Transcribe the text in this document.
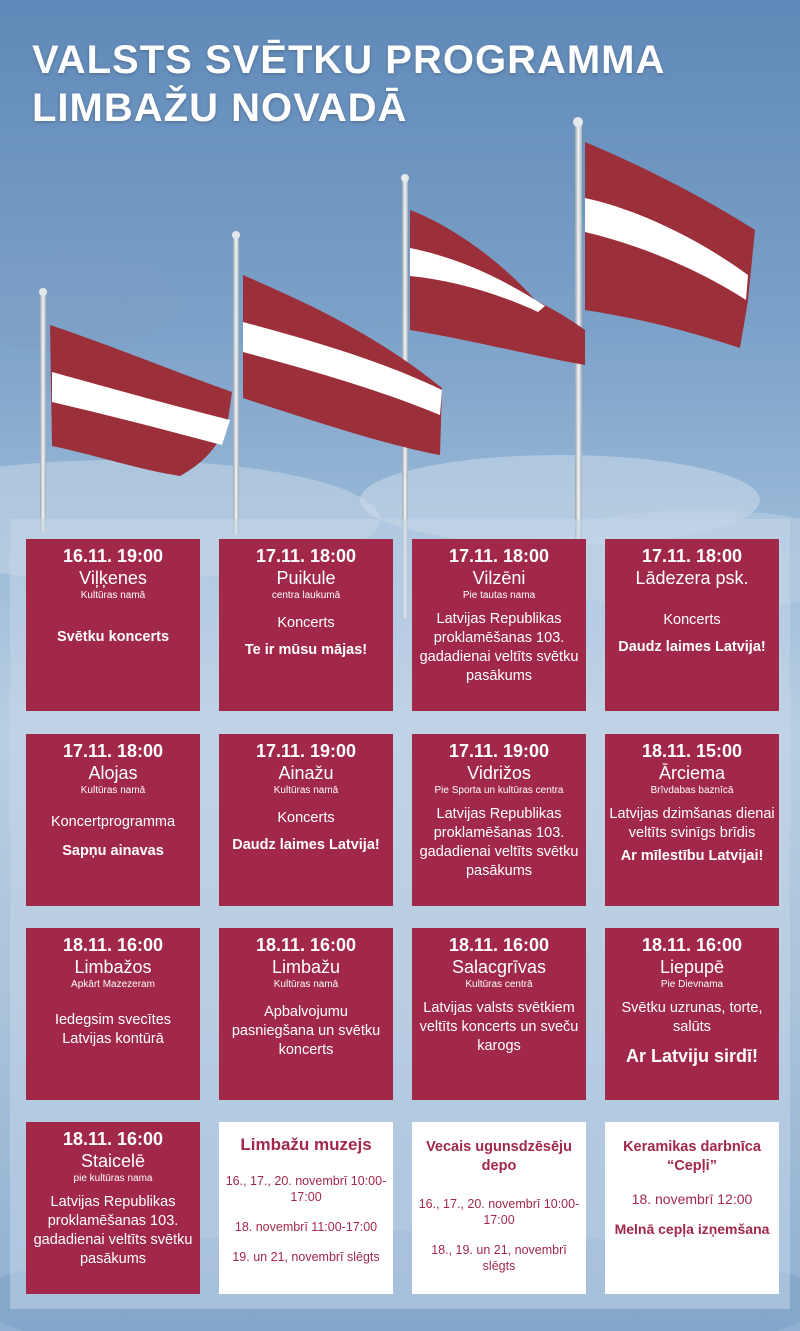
VALSTS SVĒTKU PROGRAMMA
LIMBAŽU NOVADĀ
16.11. 19:00
Viļķenes
Kultūras namā
Svētku koncerts
17.11. 18:00
Puikule
centra laukumā
Koncerts
Te ir mūsu mājas!
17.11. 18:00
Vilzēni
Pie tautas nama
Latvijas Republikas proklamēšanas 103. gadadienai veltīts svētku pasākums
17.11. 18:00
Lādezera psk.
Koncerts
Daudz laimes Latvija!
17.11. 18:00
Alojas
Kultūras namā
Koncertprogramma
Sapņu ainavas
17.11. 19:00
Ainažu
Kultūras namā
Koncerts
Daudz laimes Latvija!
17.11. 19:00
Vidrižos
Pie Sporta un kultūras centra
Latvijas Republikas proklamēšanas 103. gadadienai veltīts svētku pasākums
18.11. 15:00
Ārciema
Brīvdabas baznīcā
Latvijas dzimšanas dienai veltīts svinīgs brīdis
Ar mīlestību Latvijai!
18.11. 16:00
Limbažos
Apkārt Mazezeram
Iedegsim svecītes Latvijas kontūrā
18.11. 16:00
Limbažu
Kultūras namā
Apbalvojumu pasniegšana un svētku koncerts
18.11. 16:00
Salacgrīvas
Kultūras centrā
Latvijas valsts svētkiem veltīts koncerts un sveču karogs
18.11. 16:00
Liepupē
Pie Dievnama
Svētku uzrunas, torte, salūts
Ar Latviju sirdī!
18.11. 16:00
Staicelē
pie kultūras nama
Latvijas Republikas proklamēšanas 103. gadadienai veltīts svētku pasākums
Limbažu muzejs
16., 17., 20. novembrī 10:00-17:00
18. novembrī 11:00-17:00
19. un 21, novembrī slēgts
Vecais ugunsdzēsēju depo
16., 17., 20. novembrī 10:00-17:00
18., 19. un 21, novembrī slēgts
Keramikas darbnīca “Cepļi”
18. novembrī 12:00
Melnā cepļa izņemšana
